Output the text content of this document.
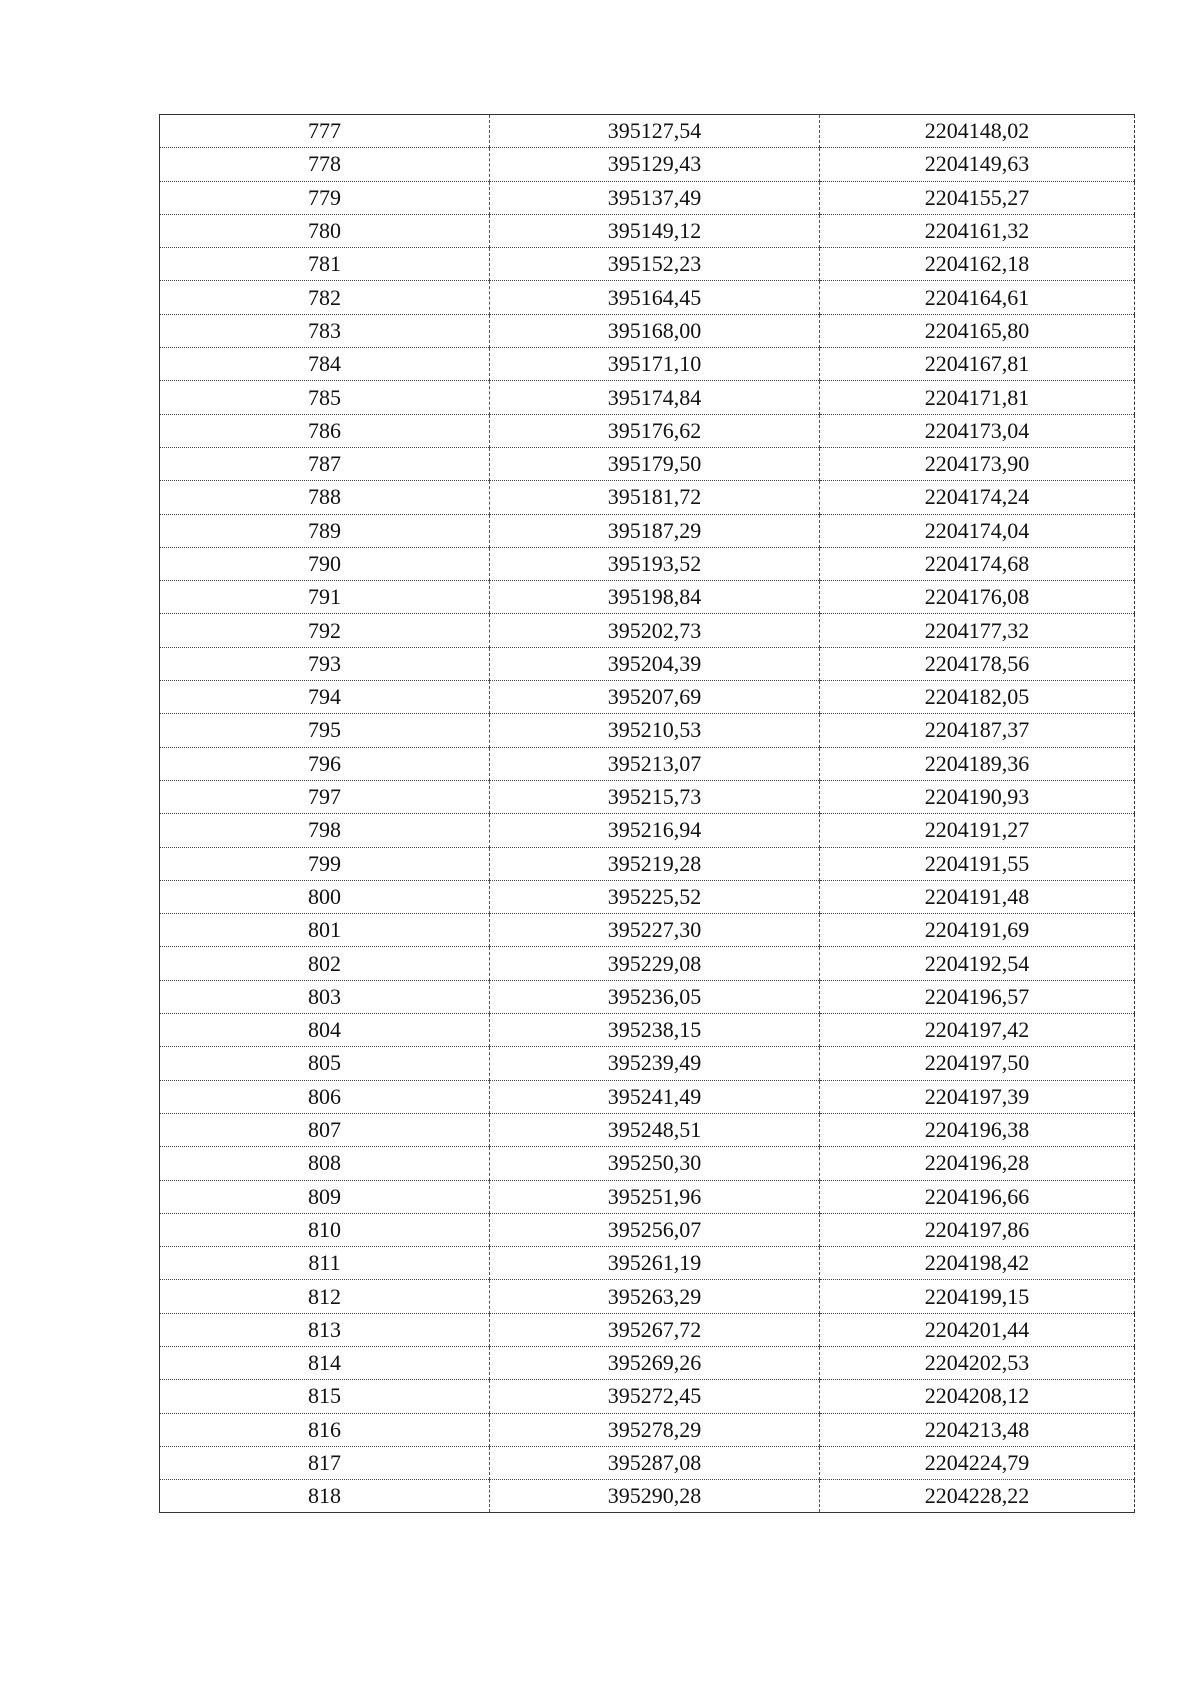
777	395127,54	2204148,02
778	395129,43	2204149,63
779	395137,49	2204155,27
780	395149,12	2204161,32
781	395152,23	2204162,18
782	395164,45	2204164,61
783	395168,00	2204165,80
784	395171,10	2204167,81
785	395174,84	2204171,81
786	395176,62	2204173,04
787	395179,50	2204173,90
788	395181,72	2204174,24
789	395187,29	2204174,04
790	395193,52	2204174,68
791	395198,84	2204176,08
792	395202,73	2204177,32
793	395204,39	2204178,56
794	395207,69	2204182,05
795	395210,53	2204187,37
796	395213,07	2204189,36
797	395215,73	2204190,93
798	395216,94	2204191,27
799	395219,28	2204191,55
800	395225,52	2204191,48
801	395227,30	2204191,69
802	395229,08	2204192,54
803	395236,05	2204196,57
804	395238,15	2204197,42
805	395239,49	2204197,50
806	395241,49	2204197,39
807	395248,51	2204196,38
808	395250,30	2204196,28
809	395251,96	2204196,66
810	395256,07	2204197,86
811	395261,19	2204198,42
812	395263,29	2204199,15
813	395267,72	2204201,44
814	395269,26	2204202,53
815	395272,45	2204208,12
816	395278,29	2204213,48
817	395287,08	2204224,79
818	395290,28	2204228,22
